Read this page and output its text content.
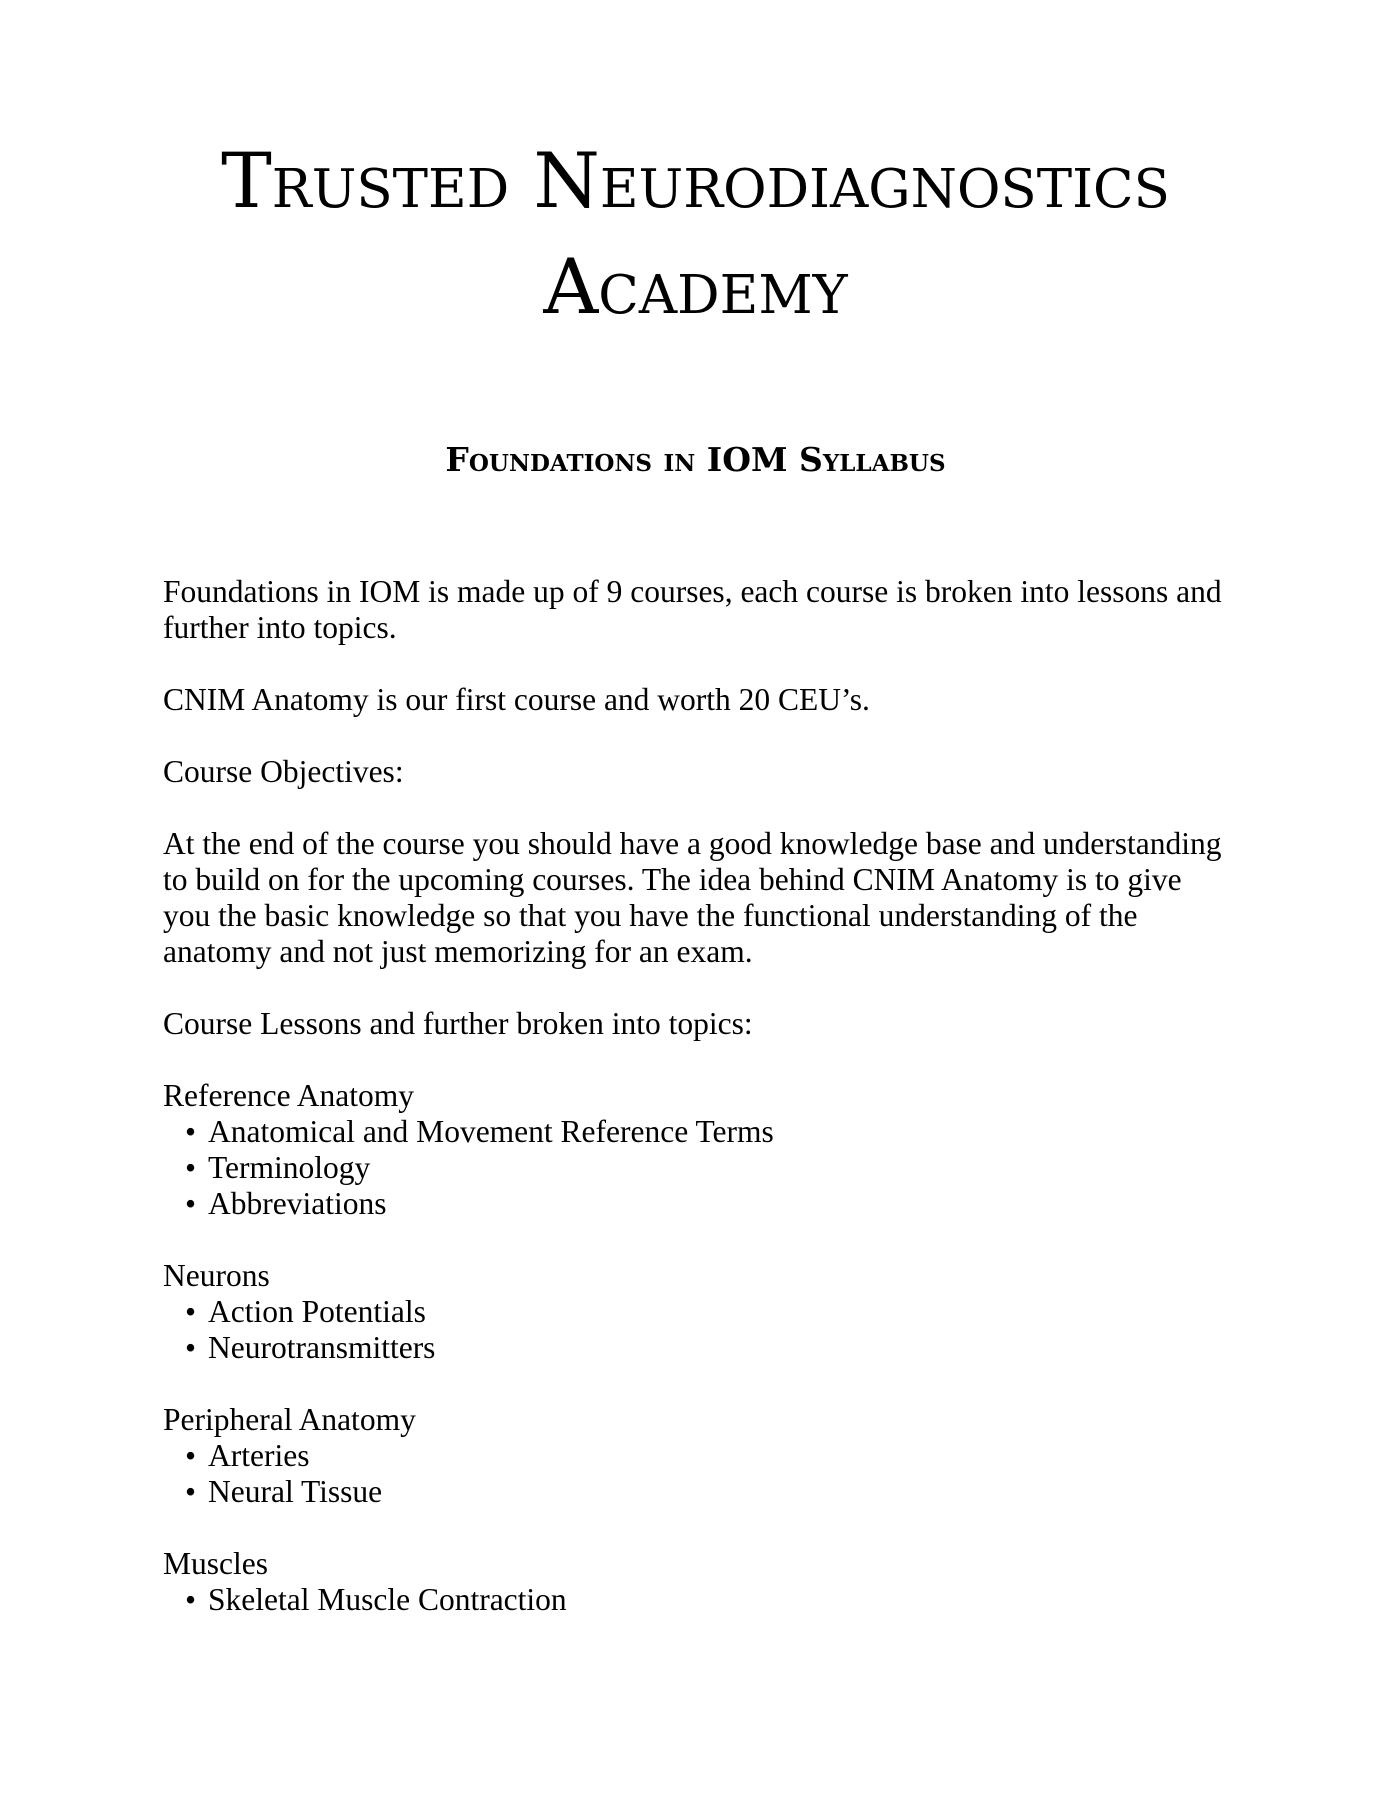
Trusted Neurodiagnostics
Academy
Foundations in IOM Syllabus

Foundations in IOM is made up of 9 courses, each course is broken into lessons and further into topics.

CNIM Anatomy is our first course and worth 20 CEU’s.

Course Objectives:

At the end of the course you should have a good knowledge base and understanding to build on for the upcoming courses. The idea behind CNIM Anatomy is to give you the basic knowledge so that you have the functional understanding of the anatomy and not just memorizing for an exam.

Course Lessons and further broken into topics:

Reference Anatomy
• Anatomical and Movement Reference Terms
• Terminology
• Abbreviations
Neurons
• Action Potentials
• Neurotransmitters
Peripheral Anatomy
• Arteries
• Neural Tissue
Muscles
• Skeletal Muscle Contraction
